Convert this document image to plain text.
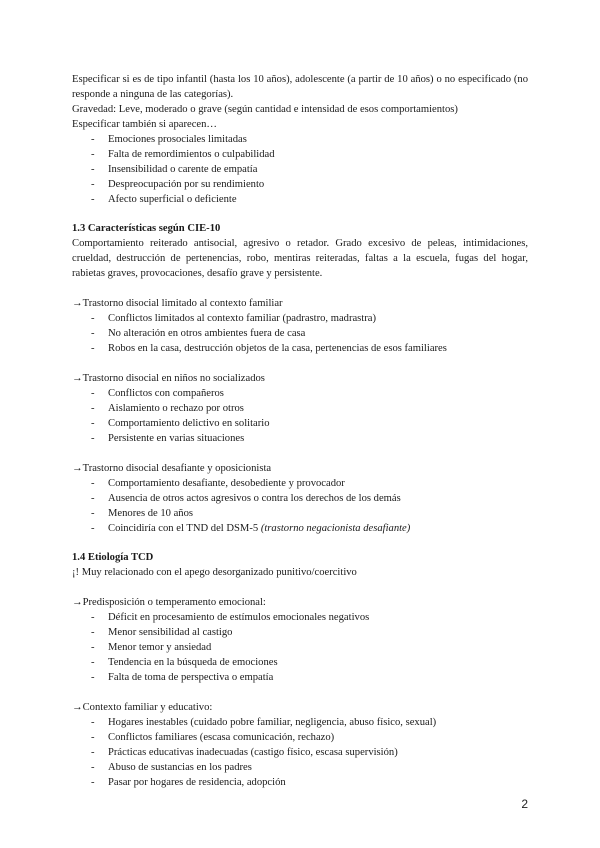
Especificar si es de tipo infantil (hasta los 10 años), adolescente (a partir de 10 años) o no especificado (no responde a ninguna de las categorías).

Gravedad: Leve, moderado o grave (según cantidad e intensidad de esos comportamientos)

Especificar también si aparecen…

- Emociones prosociales limitadas
- Falta de remordimientos o culpabilidad
- Insensibilidad o carente de empatía
- Despreocupación por su rendimiento
- Afecto superficial o deficiente

1.3 Características según CIE-10

Comportamiento reiterado antisocial, agresivo o retador. Grado excesivo de peleas, intimidaciones, crueldad, destrucción de pertenencias, robo, mentiras reiteradas, faltas a la escuela, fugas del hogar, rabietas graves, provocaciones, desafío grave y persistente.

→Trastorno disocial limitado al contexto familiar

- Conflictos limitados al contexto familiar (padrastro, madrastra)
- No alteración en otros ambientes fuera de casa
- Robos en la casa, destrucción objetos de la casa, pertenencias de esos familiares

→Trastorno disocial en niños no socializados

- Conflictos con compañeros
- Aislamiento o rechazo por otros
- Comportamiento delictivo en solitario
- Persistente en varias situaciones

→Trastorno disocial desafiante y oposicionista

- Comportamiento desafiante, desobediente y provocador
- Ausencia de otros actos agresivos o contra los derechos de los demás
- Menores de 10 años
- Coincidiría con el TND del DSM-5 (trastorno negacionista desafiante)

1.4 Etiología TCD

¡! Muy relacionado con el apego desorganizado punitivo/coercitivo

→Predisposición o temperamento emocional:

- Déficit en procesamiento de estímulos emocionales negativos
- Menor sensibilidad al castigo
- Menor temor y ansiedad
- Tendencia en la búsqueda de emociones
- Falta de toma de perspectiva o empatía

→Contexto familiar y educativo:

- Hogares inestables (cuidado pobre familiar, negligencia, abuso físico, sexual)
- Conflictos familiares (escasa comunicación, rechazo)
- Prácticas educativas inadecuadas (castigo físico, escasa supervisión)
- Abuso de sustancias en los padres
- Pasar por hogares de residencia, adopción
2
